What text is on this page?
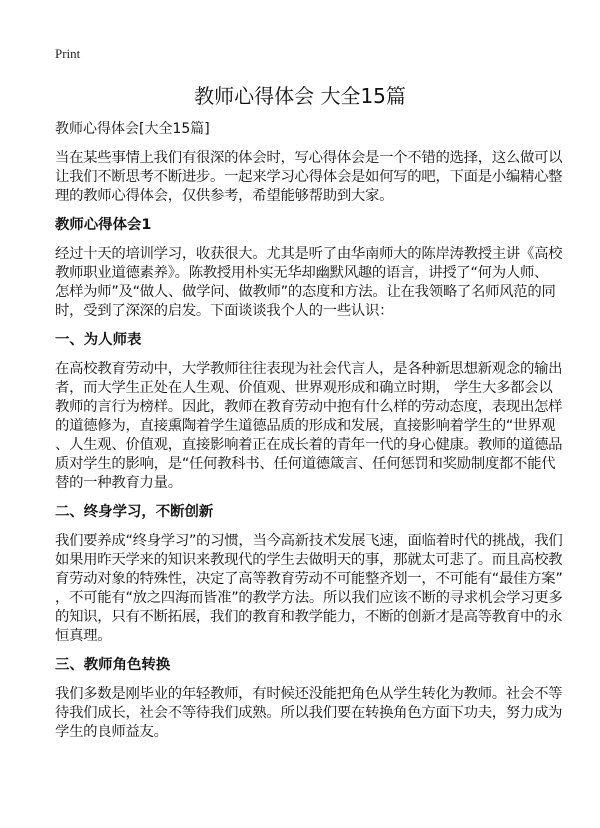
Print
教师心得体会 大全15篇
教师心得体会[大全15篇]
当在某些事情上我们有很深的体会时，写心得体会是一个不错的选择，这么做可以
让我们不断思考不断进步。一起来学习心得体会是如何写的吧，下面是小编精心整
理的教师心得体会，仅供参考，希望能够帮助到大家。
教师心得体会1
经过十天的培训学习，收获很大。尤其是听了由华南师大的陈岸涛教授主讲《高校
教师职业道德素养》。陈教授用朴实无华却幽默风趣的语言，讲授了“何为人师、
怎样为师”及“做人、做学问、做教师”的态度和方法。让在我领略了名师风范的同
时，受到了深深的启发。下面谈谈我个人的一些认识：
一、为人师表
在高校教育劳动中，大学教师往往表现为社会代言人，是各种新思想新观念的输出
者，而大学生正处在人生观、价值观、世界观形成和确立时期， 学生大多都会以
教师的言行为榜样。因此，教师在教育劳动中抱有什么样的劳动态度，表现出怎样
的道德修为，直接熏陶着学生道德品质的形成和发展，直接影响着学生的“世界观
、人生观、价值观，直接影响着正在成长着的青年一代的身心健康。教师的道德品
质对学生的影响，是“任何教科书、任何道德箴言、任何惩罚和奖励制度都不能代
替的一种教育力量。
二、终身学习，不断创新
我们要养成“终身学习”的习惯，当今高新技术发展飞速，面临着时代的挑战，我们
如果用昨天学来的知识来教现代的学生去做明天的事，那就太可悲了。而且高校教
育劳动对象的特殊性，决定了高等教育劳动不可能整齐划一，不可能有“最佳方案”
，不可能有“放之四海而皆准”的教学方法。所以我们应该不断的寻求机会学习更多
的知识，只有不断拓展，我们的教育和教学能力，不断的创新才是高等教育中的永
恒真理。
三、教师角色转换
我们多数是刚毕业的年轻教师，有时候还没能把角色从学生转化为教师。社会不等
待我们成长，社会不等待我们成熟。所以我们要在转换角色方面下功夫，努力成为
学生的良师益友。
